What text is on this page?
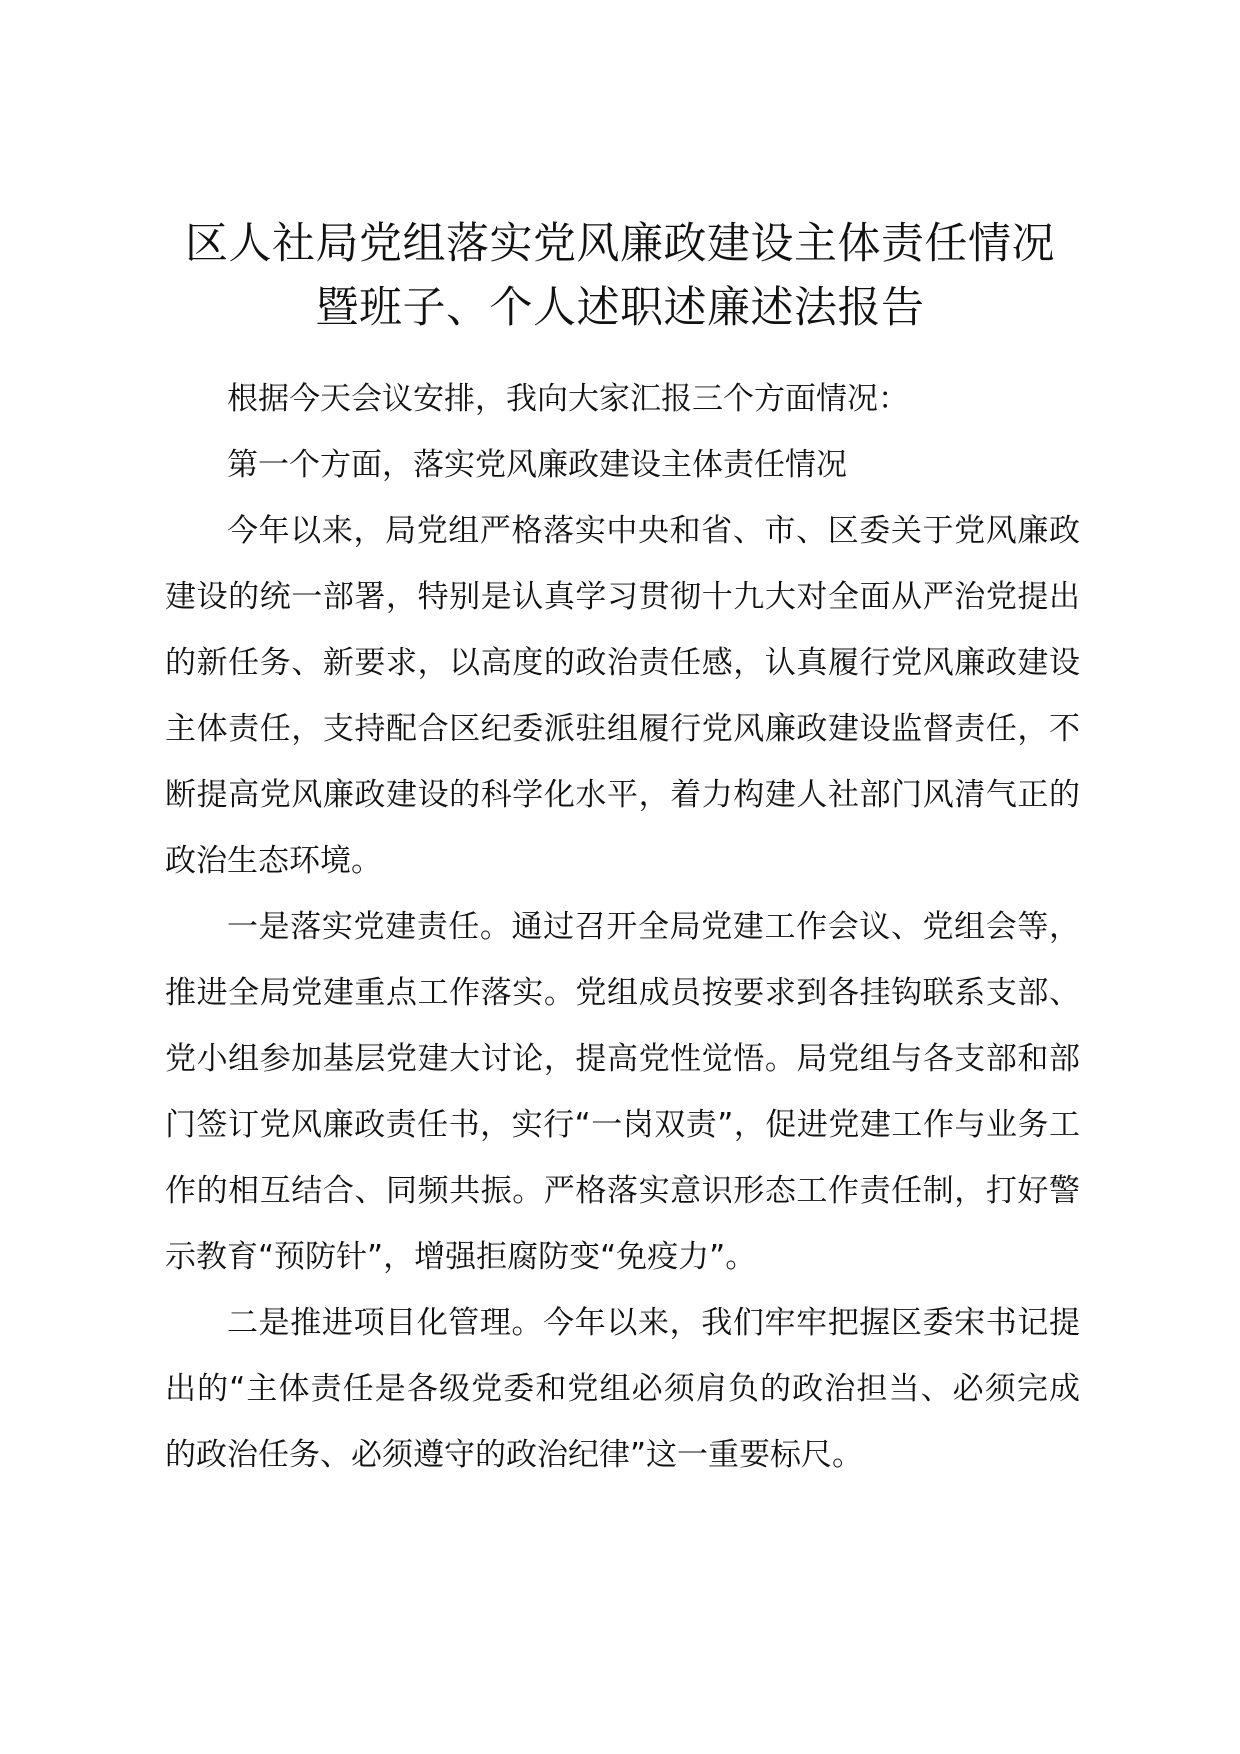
区人社局党组落实党风廉政建设主体责任情况
暨班子、个人述职述廉述法报告

根据今天会议安排，我向大家汇报三个方面情况：

第一个方面，落实党风廉政建设主体责任情况

今年以来，局党组严格落实中央和省、市、区委关于党风廉政建设的统一部署，特别是认真学习贯彻十九大对全面从严治党提出的新任务、新要求，以高度的政治责任感，认真履行党风廉政建设主体责任，支持配合区纪委派驻组履行党风廉政建设监督责任，不断提高党风廉政建设的科学化水平，着力构建人社部门风清气正的政治生态环境。

一是落实党建责任。通过召开全局党建工作会议、党组会等，推进全局党建重点工作落实。党组成员按要求到各挂钩联系支部、党小组参加基层党建大讨论，提高党性觉悟。局党组与各支部和部门签订党风廉政责任书，实行“一岗双责”，促进党建工作与业务工作的相互结合、同频共振。严格落实意识形态工作责任制，打好警示教育“预防针”，增强拒腐防变“免疫力”。

二是推进项目化管理。今年以来，我们牢牢把握区委宋书记提出的“主体责任是各级党委和党组必须肩负的政治担当、必须完成的政治任务、必须遵守的政治纪律”这一重要标尺。
